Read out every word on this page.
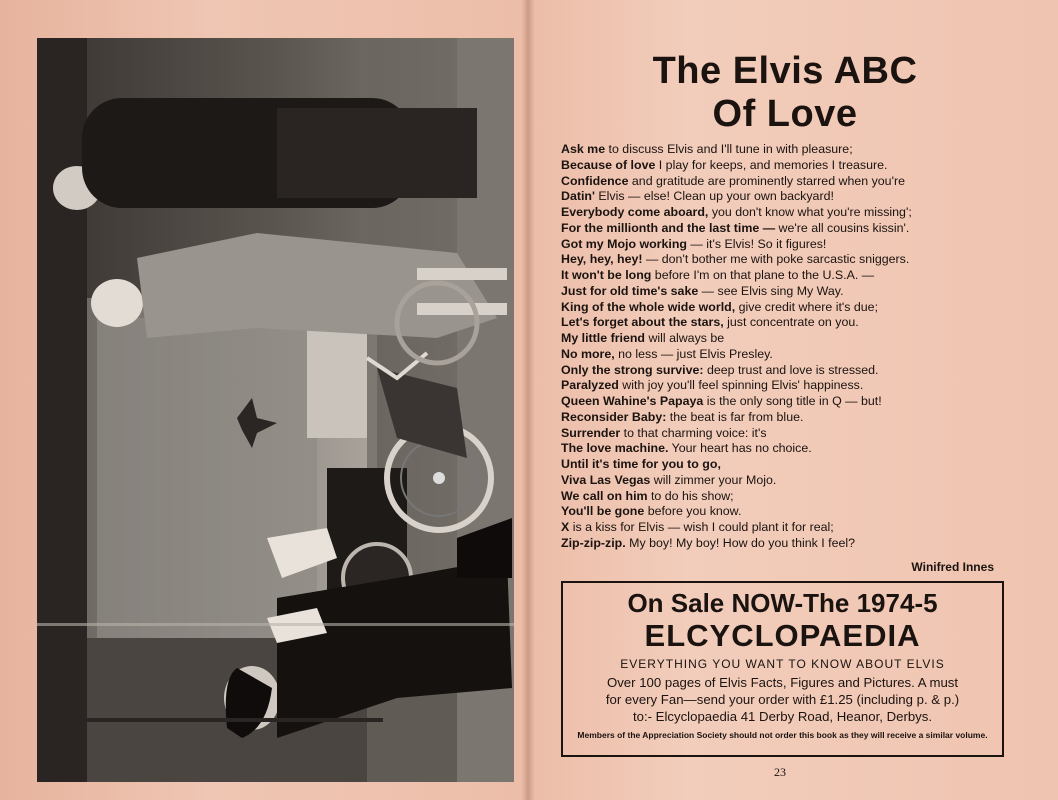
The Elvis ABC
Of Love
Ask me to discuss Elvis and I'll tune in with pleasure;
Because of love I play for keeps, and memories I treasure.
Confidence and gratitude are prominently starred when you're
Datin' Elvis — else! Clean up your own backyard!
Everybody come aboard, you don't know what you're missing';
For the millionth and the last time — we're all cousins kissin'.
Got my Mojo working — it's Elvis! So it figures!
Hey, hey, hey! — don't bother me with poke sarcastic sniggers.
It won't be long before I'm on that plane to the U.S.A. —
Just for old time's sake — see Elvis sing My Way.
King of the whole wide world, give credit where it's due;
Let's forget about the stars, just concentrate on you.
My little friend will always be
No more, no less — just Elvis Presley.
Only the strong survive: deep trust and love is stressed.
Paralyzed with joy you'll feel spinning Elvis' happiness.
Queen Wahine's Papaya is the only song title in Q — but!
Reconsider Baby: the beat is far from blue.
Surrender to that charming voice: it's
The love machine. Your heart has no choice.
Until it's time for you to go,
Viva Las Vegas will zimmer your Mojo.
We call on him to do his show;
You'll be gone before you know.
X is a kiss for Elvis — wish I could plant it for real;
Zip-zip-zip. My boy! My boy! How do you think I feel?
Winifred Innes
On Sale NOW-The 1974-5
ELCYCLOPAEDIA
EVERYTHING YOU WANT TO KNOW ABOUT ELVIS
Over 100 pages of Elvis Facts, Figures and Pictures. A must
for every Fan—send your order with £1.25 (including p. & p.)
to:- Elcyclopaedia 41 Derby Road, Heanor, Derbys.
Members of the Appreciation Society should not order this book as they will receive a similar volume.
23
